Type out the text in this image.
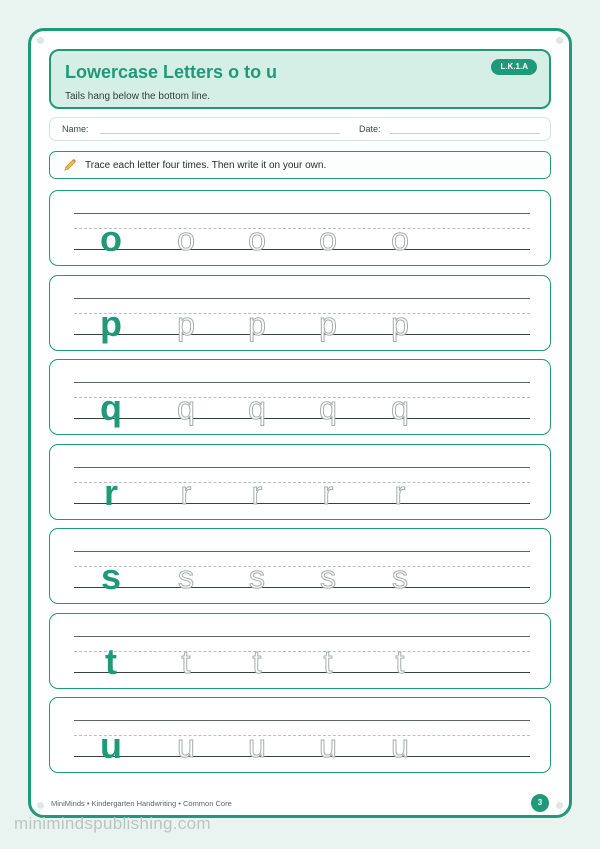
Lowercase Letters o to u
Tails hang below the bottom line.
L.K.1.A
Name:	Date:
Trace each letter four times. Then write it on your own.
o o o o o
p p p p p
q q q q q
r	r	r	r	r
s s s s s
t	t	t	t	t
u u u u u
MiniMinds • Kindergarten Handwriting • Common Core	3
minimindspublishing.com
